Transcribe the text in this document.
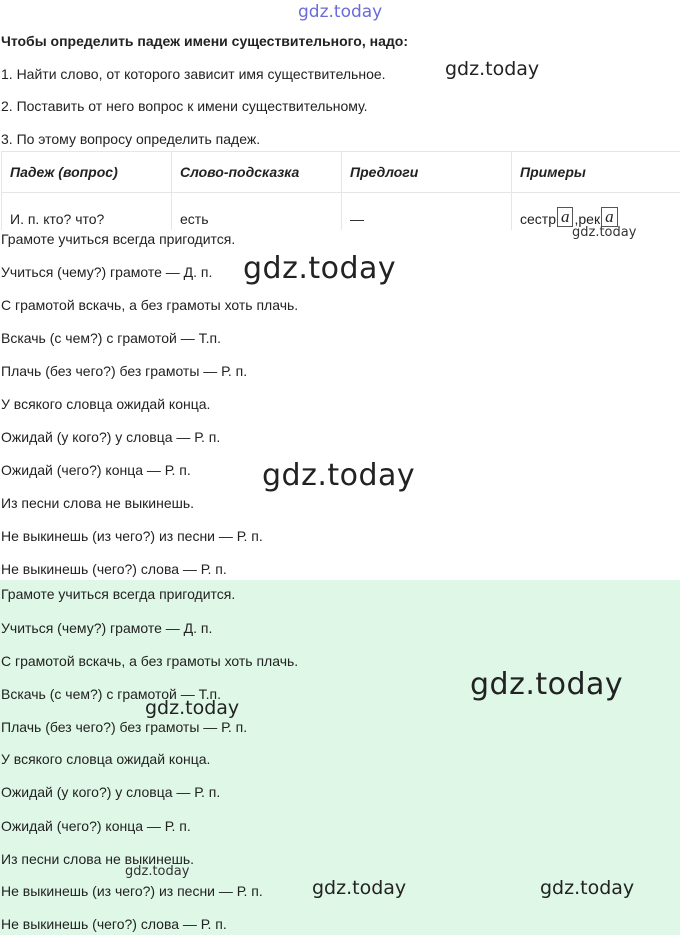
gdz.today
Чтобы определить падеж имени существительного, надо:
1. Найти слово, от которого зависит имя существительное.	gdz.today
2. Поставить от него вопрос к имени существительному.
3. По этому вопросу определить падеж.
Падеж (вопрос)	Слово-подсказка	Предлоги	Примеры
И. п. кто? что?	есть	—	сестр а ,рек а
gdz.today
Грамоте учиться всегда пригодится.
Учиться (чему?) грамоте — Д. п. gdz.today
С грамотой вскачь, а без грамоты хоть плачь.
Вскачь (с чем?) с грамотой — Т.п.
Плачь (без чего?) без грамоты — Р. п.
У всякого словца ожидай конца.
Ожидай (у кого?) у словца — Р. п.
Ожидай (чего?) конца — Р. п. gdz.today
Из песни слова не выкинешь.
Не выкинешь (из чего?) из песни — Р. п.
Не выкинешь (чего?) слова — Р. п.
Грамоте учиться всегда пригодится.
Учиться (чему?) грамоте — Д. п.
С грамотой вскачь, а без грамоты хоть плачь.
Вскачь (с чем?) с грамотой — Т.п.	gdz.today
gdz.today
Плачь (без чего?) без грамоты — Р. п.
У всякого словца ожидай конца.
Ожидай (у кого?) у словца — Р. п.
Ожидай (чего?) конца — Р. п.
Из песни слова не выкинешь.
gdz.today
Не выкинешь (из чего?) из песни — Р. п.	gdz.today	gdz.today
Не выкинешь (чего?) слова — Р. п.
